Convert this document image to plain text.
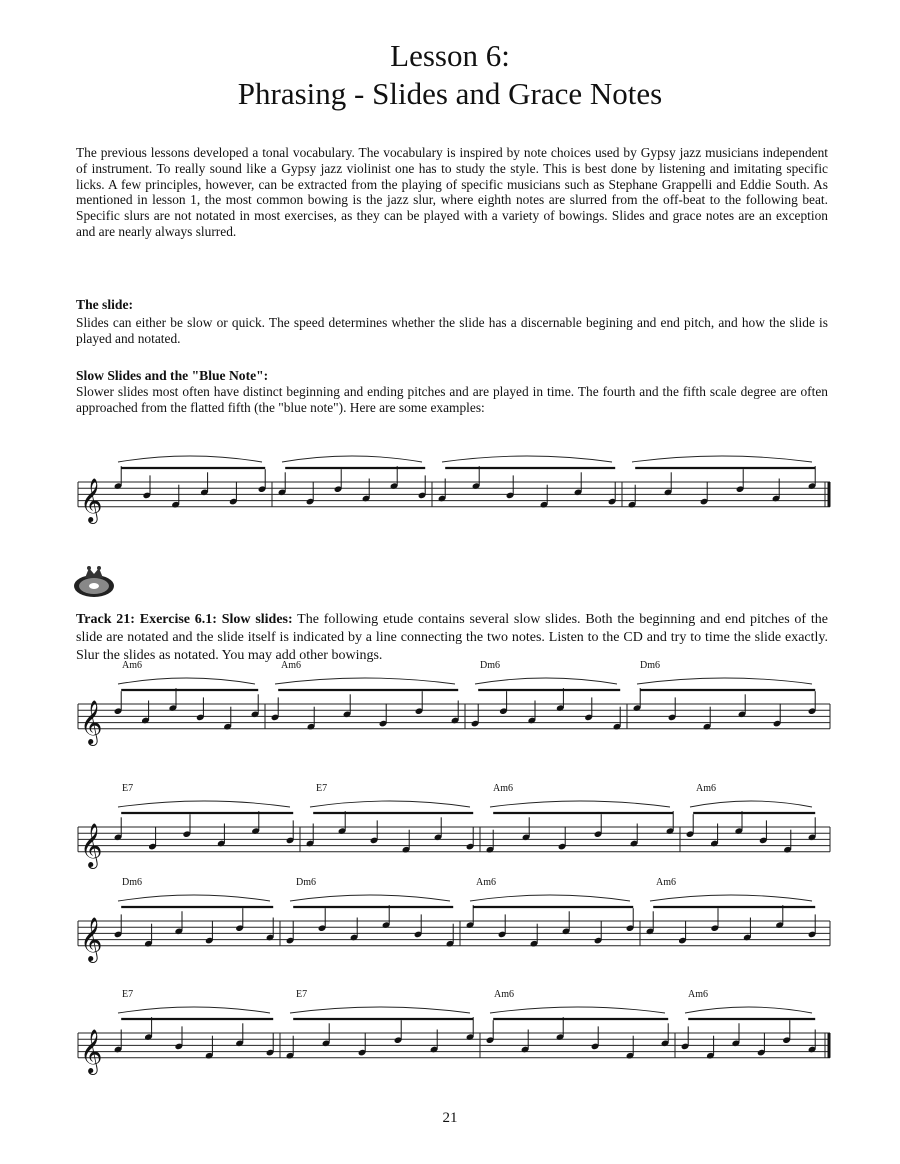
Lesson 6:
Phrasing - Slides and Grace Notes
The previous lessons developed a tonal vocabulary. The vocabulary is inspired by note choices used by Gypsy jazz musicians independent of instrument. To really sound like a Gypsy jazz violinist one has to study the style. This is best done by listening and imitating specific licks. A few principles, however, can be extracted from the playing of specific musicians such as Stephane Grappelli and Eddie South. As mentioned in lesson 1, the most common bowing is the jazz slur, where eighth notes are slurred from the off-beat to the following beat. Specific slurs are not notated in most exercises, as they can be played with a variety of bowings. Slides and grace notes are an exception and are nearly always slurred.
The slide:
Slides can either be slow or quick. The speed determines whether the slide has a discernable begining and end pitch, and how the slide is played and notated.
Slow Slides and the "Blue Note":
Slower slides most often have distinct beginning and ending pitches and are played in time. The fourth and the fifth scale degree are often approached from the flatted fifth (the "blue note"). Here are some examples:
Track 21: Exercise 6.1: Slow slides: The following etude contains several slow slides. Both the beginning and end pitches of the slide are notated and the slide itself is indicated by a line connecting the two notes. Listen to the CD and try to time the slide exactly. Slur the slides as notated. You may add other bowings.
𝄞
𝄞
Am6	Am6	Dm6	Dm6
𝄞
E7	E7	Am6	Am6
𝄞
Dm6	Dm6	Am6	Am6
𝄞
E7	E7	Am6	Am6
21
